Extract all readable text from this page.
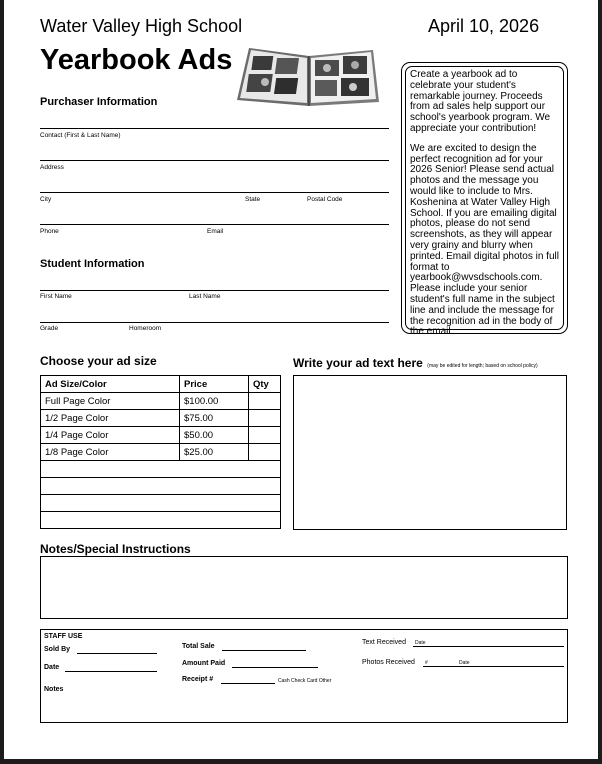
Water Valley High School	April 10, 2026
Yearbook Ads
Purchaser Information
Contact (First & Last Name)
Address
City	State	Postal Code
Phone	Email
Student Information
First Name	Last Name
Grade	Homeroom

Create a yearbook ad to celebrate your student's remarkable journey. Proceeds from ad sales help support our school's yearbook program. We appreciate your contribution!

We are excited to design the perfect recognition ad for your 2026 Senior! Please send actual photos and the message you would like to include to Mrs. Koshenina at Water Valley High School. If you are emailing digital photos, please do not send screenshots, as they will appear very grainy and blurry when printed. Email digital photos in full format to yearbook@wvsdschools.com. Please include your senior student's full name in the subject line and include the message for the recognition ad in the body of the email.

Choose your ad size
Ad Size/Color	Price	Qty
Full Page Color	$100.00	
1/2 Page Color	$75.00	
1/4 Page Color	$50.00	
1/8 Page Color	$25.00	

Write your ad text here (may be edited for length; based on school policy)
Notes/Special Instructions
STAFF USE
Sold By
Date
Notes
Total Sale
Amount Paid
Receipt #	Cash Check Card Other
Text Received Date
Photos Received #	Date
